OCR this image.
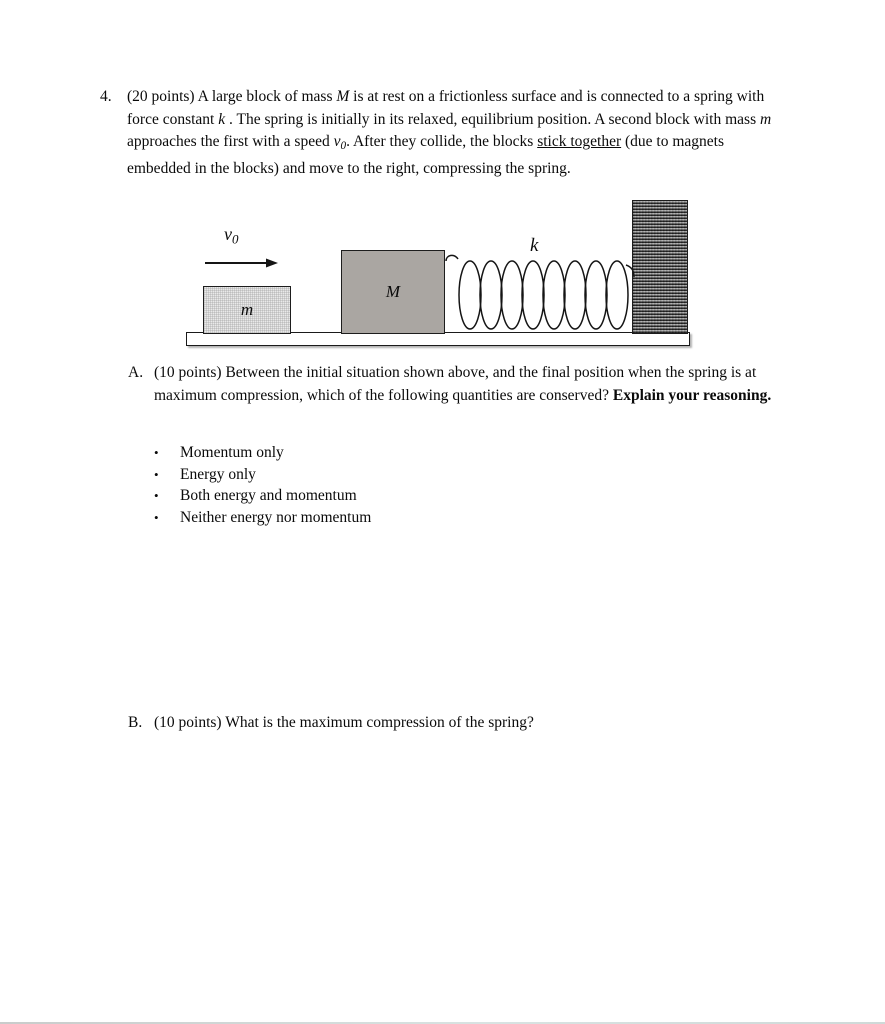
4. (20 points) A large block of mass M is at rest on a frictionless surface and is connected to a spring with force constant k . The spring is initially in its relaxed, equilibrium position. A second block with mass m approaches the first with a speed $v_0$. After they collide, the blocks stick together (due to magnets embedded in the blocks) and move to the right, compressing the spring.

m
M
k
$v_0$
A. (10 points) Between the initial situation shown above, and the final position when the spring is at maximum compression, which of the following quantities are conserved? Explain your reasoning.

•	Momentum only
•	Energy only
•	Both energy and momentum
•	Neither energy nor momentum
B. (10 points) What is the maximum compression of the spring?
